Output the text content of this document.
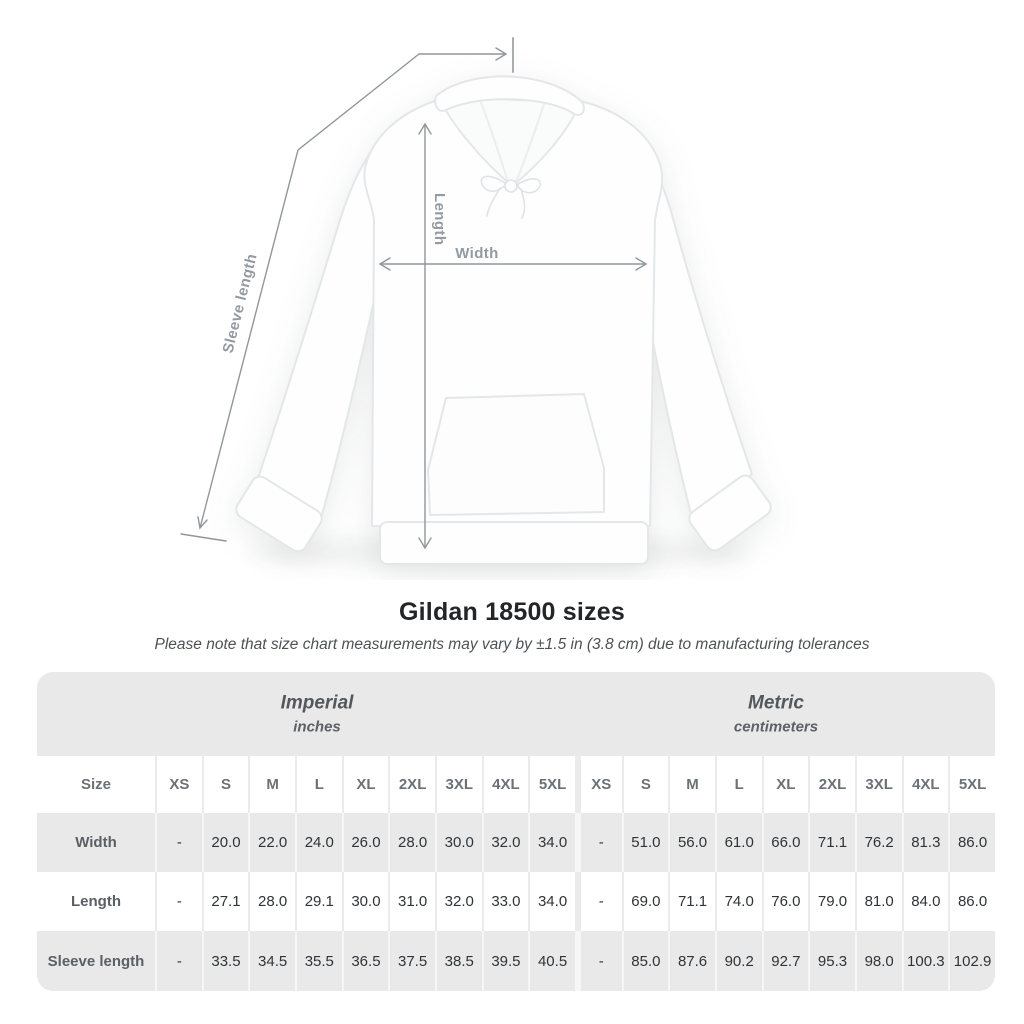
Width
Length
Sleeve length
Gildan 18500 sizes

Please note that size chart measurements may vary by ±1.5 in (3.8 cm) due to manufacturing tolerances

Imperial
inches
Metric
centimeters																		

Size	XS	S	M	L	XL	2XL	3XL	4XL	5XL	XS	S	M	L	XL	2XL	3XL	4XL	5XL
Width	-	20.0	22.0	24.0	26.0	28.0	30.0	32.0	34.0	-	51.0	56.0	61.0	66.0	71.1	76.2	81.3	86.0
Length	-	27.1	28.0	29.1	30.0	31.0	32.0	33.0	34.0	-	69.0	71.1	74.0	76.0	79.0	81.0	84.0	86.0
Sleeve length	-	33.5	34.5	35.5	36.5	37.5	38.5	39.5	40.5	-	85.0	87.6	90.2	92.7	95.3	98.0	100.3	102.9
